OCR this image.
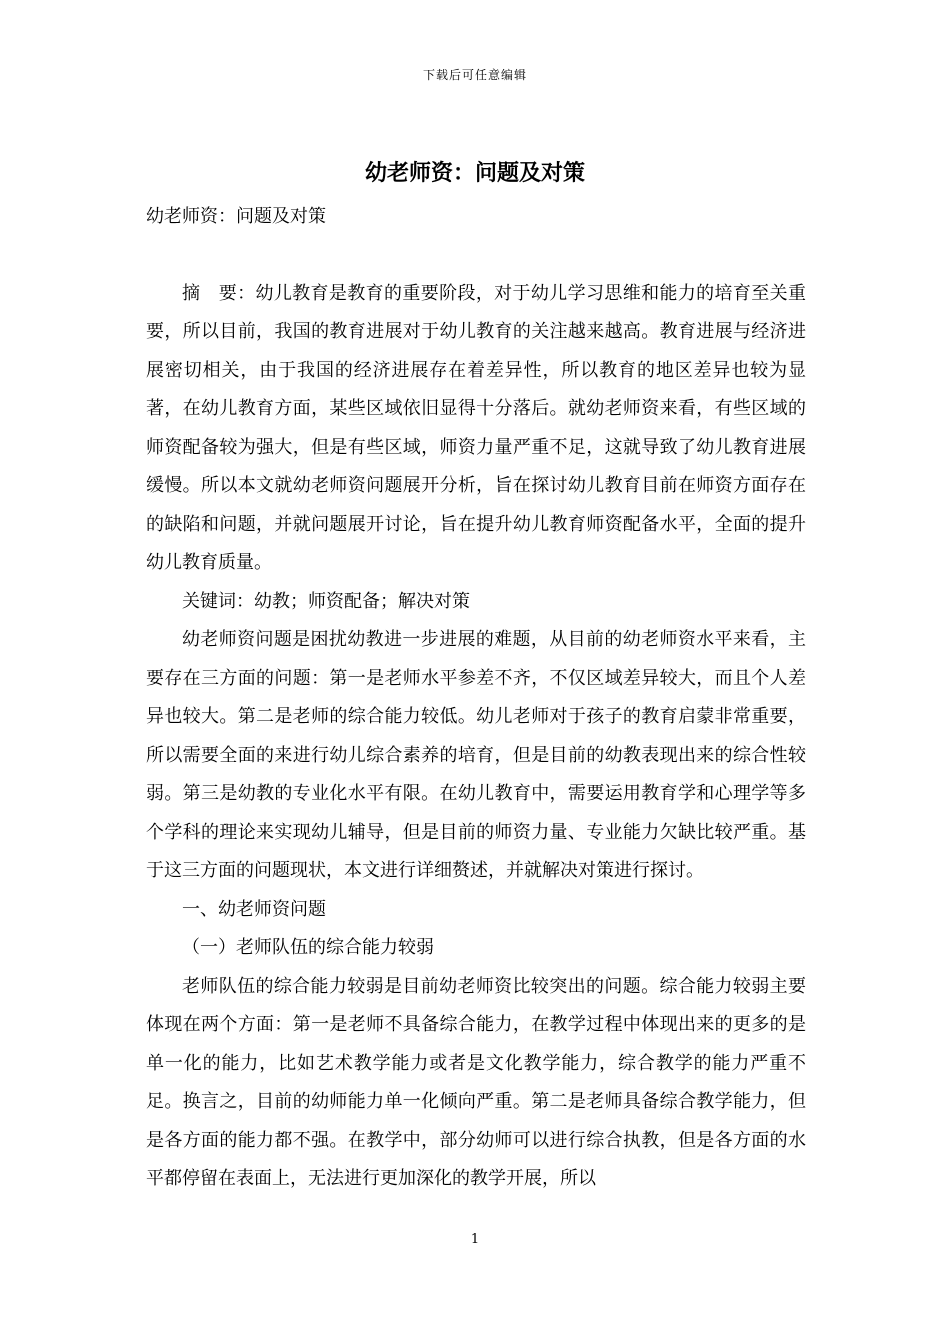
下载后可任意编辑
幼老师资：问题及对策

幼老师资：问题及对策

摘　要：幼儿教育是教育的重要阶段，对于幼儿学习思维和能力的培育至关重要，所以目前，我国的教育进展对于幼儿教育的关注越来越高。教育进展与经济进展密切相关，由于我国的经济进展存在着差异性，所以教育的地区差异也较为显著，在幼儿教育方面，某些区域依旧显得十分落后。就幼老师资来看，有些区域的师资配备较为强大，但是有些区域，师资力量严重不足，这就导致了幼儿教育进展缓慢。所以本文就幼老师资问题展开分析，旨在探讨幼儿教育目前在师资方面存在的缺陷和问题，并就问题展开讨论，旨在提升幼儿教育师资配备水平，全面的提升幼儿教育质量。

关键词：幼教；师资配备；解决对策

幼老师资问题是困扰幼教进一步进展的难题，从目前的幼老师资水平来看，主要存在三方面的问题：第一是老师水平参差不齐，不仅区域差异较大，而且个人差异也较大。第二是老师的综合能力较低。幼儿老师对于孩子的教育启蒙非常重要，所以需要全面的来进行幼儿综合素养的培育，但是目前的幼教表现出来的综合性较弱。第三是幼教的专业化水平有限。在幼儿教育中，需要运用教育学和心理学等多个学科的理论来实现幼儿辅导，但是目前的师资力量、专业能力欠缺比较严重。基于这三方面的问题现状，本文进行详细赘述，并就解决对策进行探讨。

一、幼老师资问题

（一）老师队伍的综合能力较弱

老师队伍的综合能力较弱是目前幼老师资比较突出的问题。综合能力较弱主要体现在两个方面：第一是老师不具备综合能力，在教学过程中体现出来的更多的是单一化的能力，比如艺术教学能力或者是文化教学能力，综合教学的能力严重不足。换言之，目前的幼师能力单一化倾向严重。第二是老师具备综合教学能力，但是各方面的能力都不强。在教学中，部分幼师可以进行综合执教，但是各方面的水平都停留在表面上，无法进行更加深化的教学开展，所以

1
